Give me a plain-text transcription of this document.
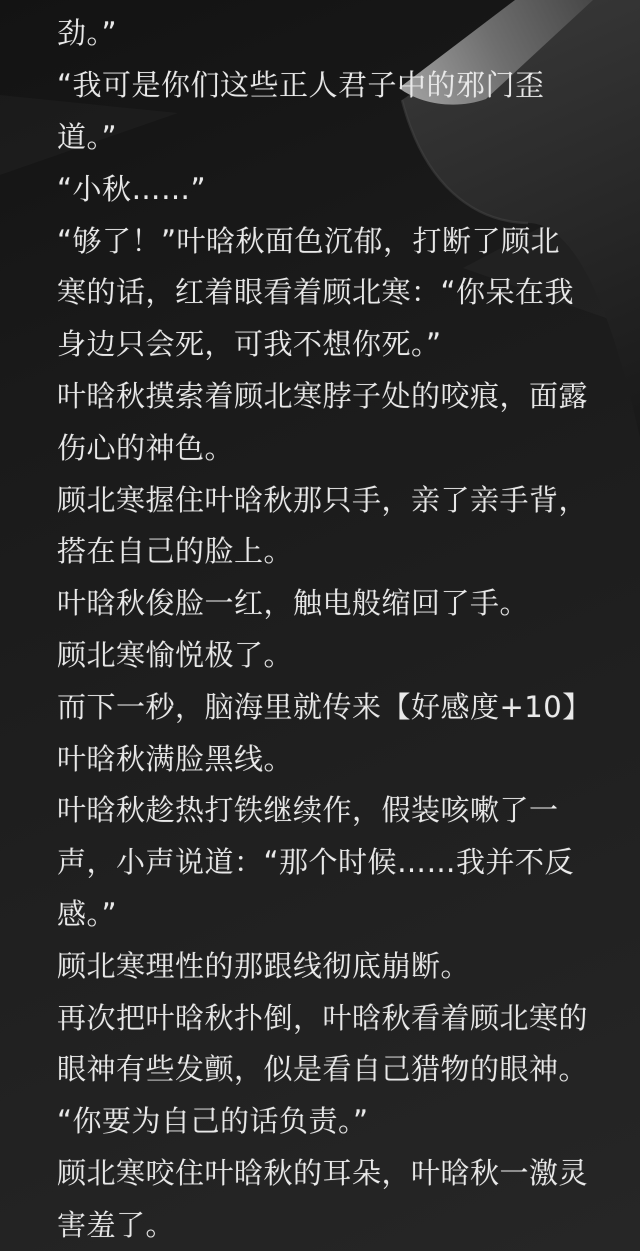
劲。”
“我可是你们这些正人君子中的邪门歪
道。”
“小秋……”
“够了！”叶晗秋面色沉郁，打断了顾北
寒的话，红着眼看着顾北寒：“你呆在我
身边只会死，可我不想你死。”
叶晗秋摸索着顾北寒脖子处的咬痕，面露
伤心的神色。
顾北寒握住叶晗秋那只手，亲了亲手背，
搭在自己的脸上。
叶晗秋俊脸一红，触电般缩回了手。
顾北寒愉悦极了。
而下一秒，脑海里就传来【好感度+10】
叶晗秋满脸黑线。
叶晗秋趁热打铁继续作，假装咳嗽了一
声，小声说道：“那个时候……我并不反
感。”
顾北寒理性的那跟线彻底崩断。
再次把叶晗秋扑倒，叶晗秋看着顾北寒的
眼神有些发颤，似是看自己猎物的眼神。
“你要为自己的话负责。”
顾北寒咬住叶晗秋的耳朵，叶晗秋一激灵
害羞了。
